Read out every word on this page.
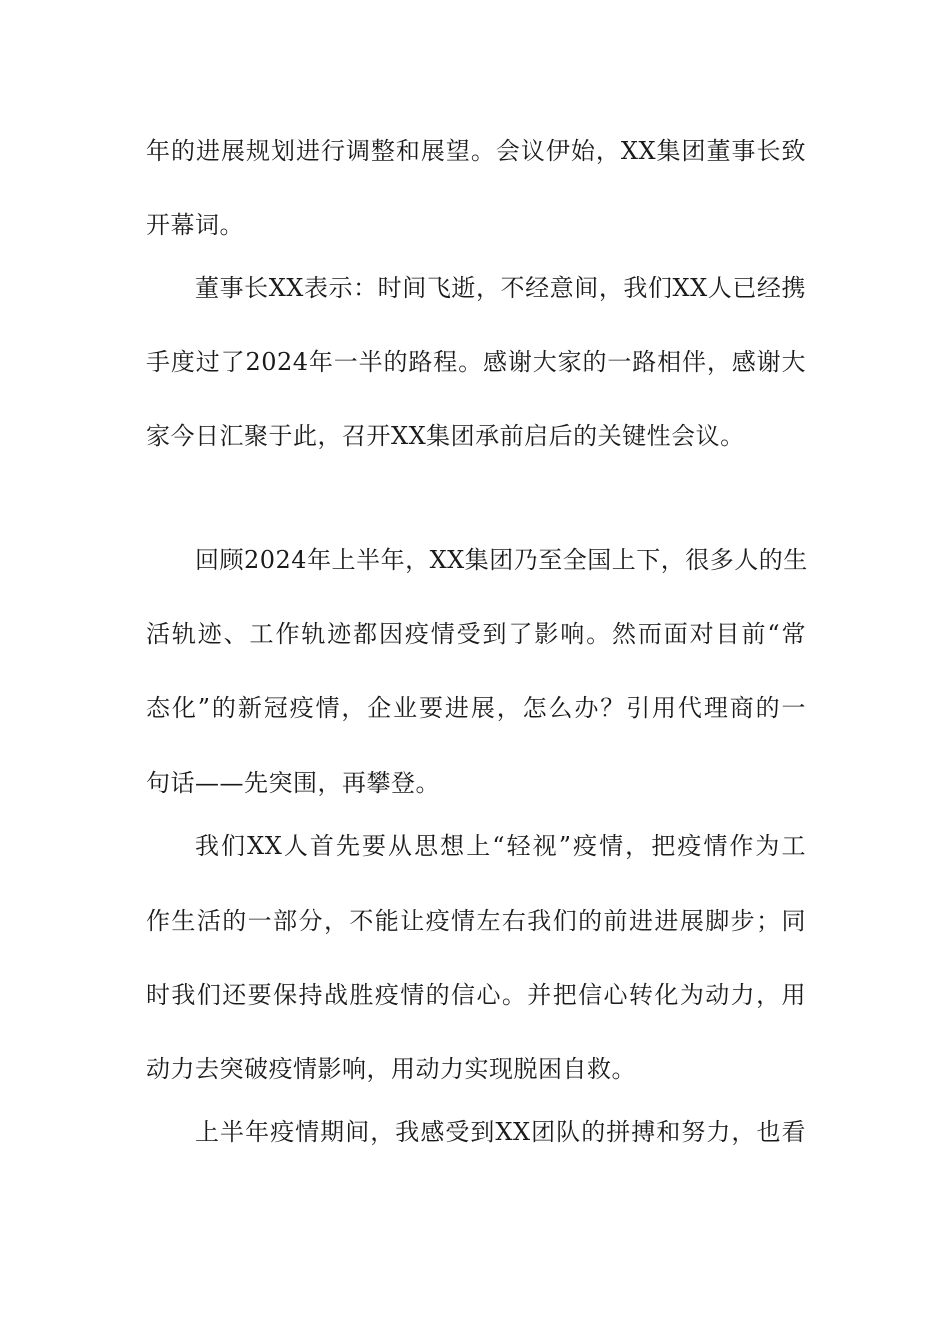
年的进展规划进行调整和展望。会议伊始，XX集团董事长致
开幕词。
董事长XX表示：时间飞逝，不经意间，我们XX人已经携
手度过了2024年一半的路程。感谢大家的一路相伴，感谢大
家今日汇聚于此，召开XX集团承前启后的关键性会议。
回顾2024年上半年，XX集团乃至全国上下，很多人的生
活轨迹、工作轨迹都因疫情受到了影响。然而面对目前“常
态化”的新冠疫情，企业要进展，怎么办？引用代理商的一
句话——先突围，再攀登。
我们XX人首先要从思想上“轻视”疫情，把疫情作为工
作生活的一部分，不能让疫情左右我们的前进进展脚步；同
时我们还要保持战胜疫情的信心。并把信心转化为动力，用
动力去突破疫情影响，用动力实现脱困自救。
上半年疫情期间，我感受到XX团队的拼搏和努力，也看
